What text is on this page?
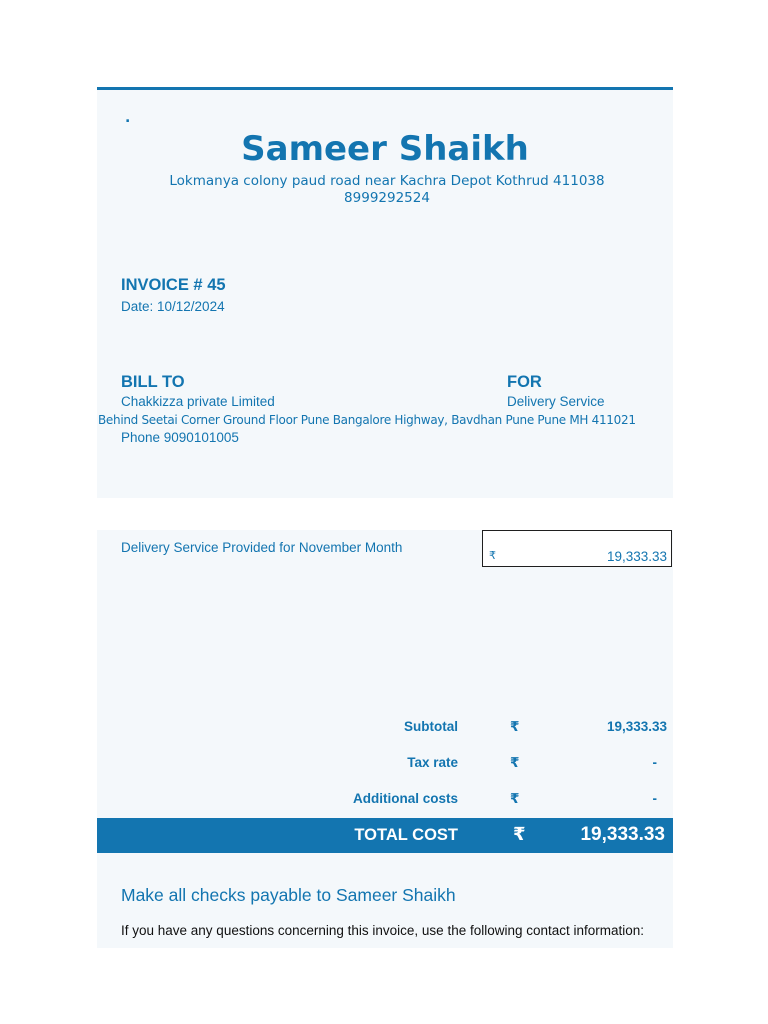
.
Sameer Shaikh
Lokmanya colony paud road near Kachra Depot Kothrud 411038
8999292524
INVOICE # 45
Date: 10/12/2024
BILL TO
Chakkizza private Limited
Behind Seetai Corner Ground Floor Pune Bangalore Highway, Bavdhan Pune Pune MH 411021
Phone 9090101005
FOR
Delivery Service
Delivery Service Provided for November Month
₹	19,333.33
Subtotal	₹	19,333.33
Tax rate	₹	-
Additional costs	₹	-
TOTAL COST	₹	19,333.33
Make all checks payable to Sameer Shaikh
If you have any questions concerning this invoice, use the following contact information:
